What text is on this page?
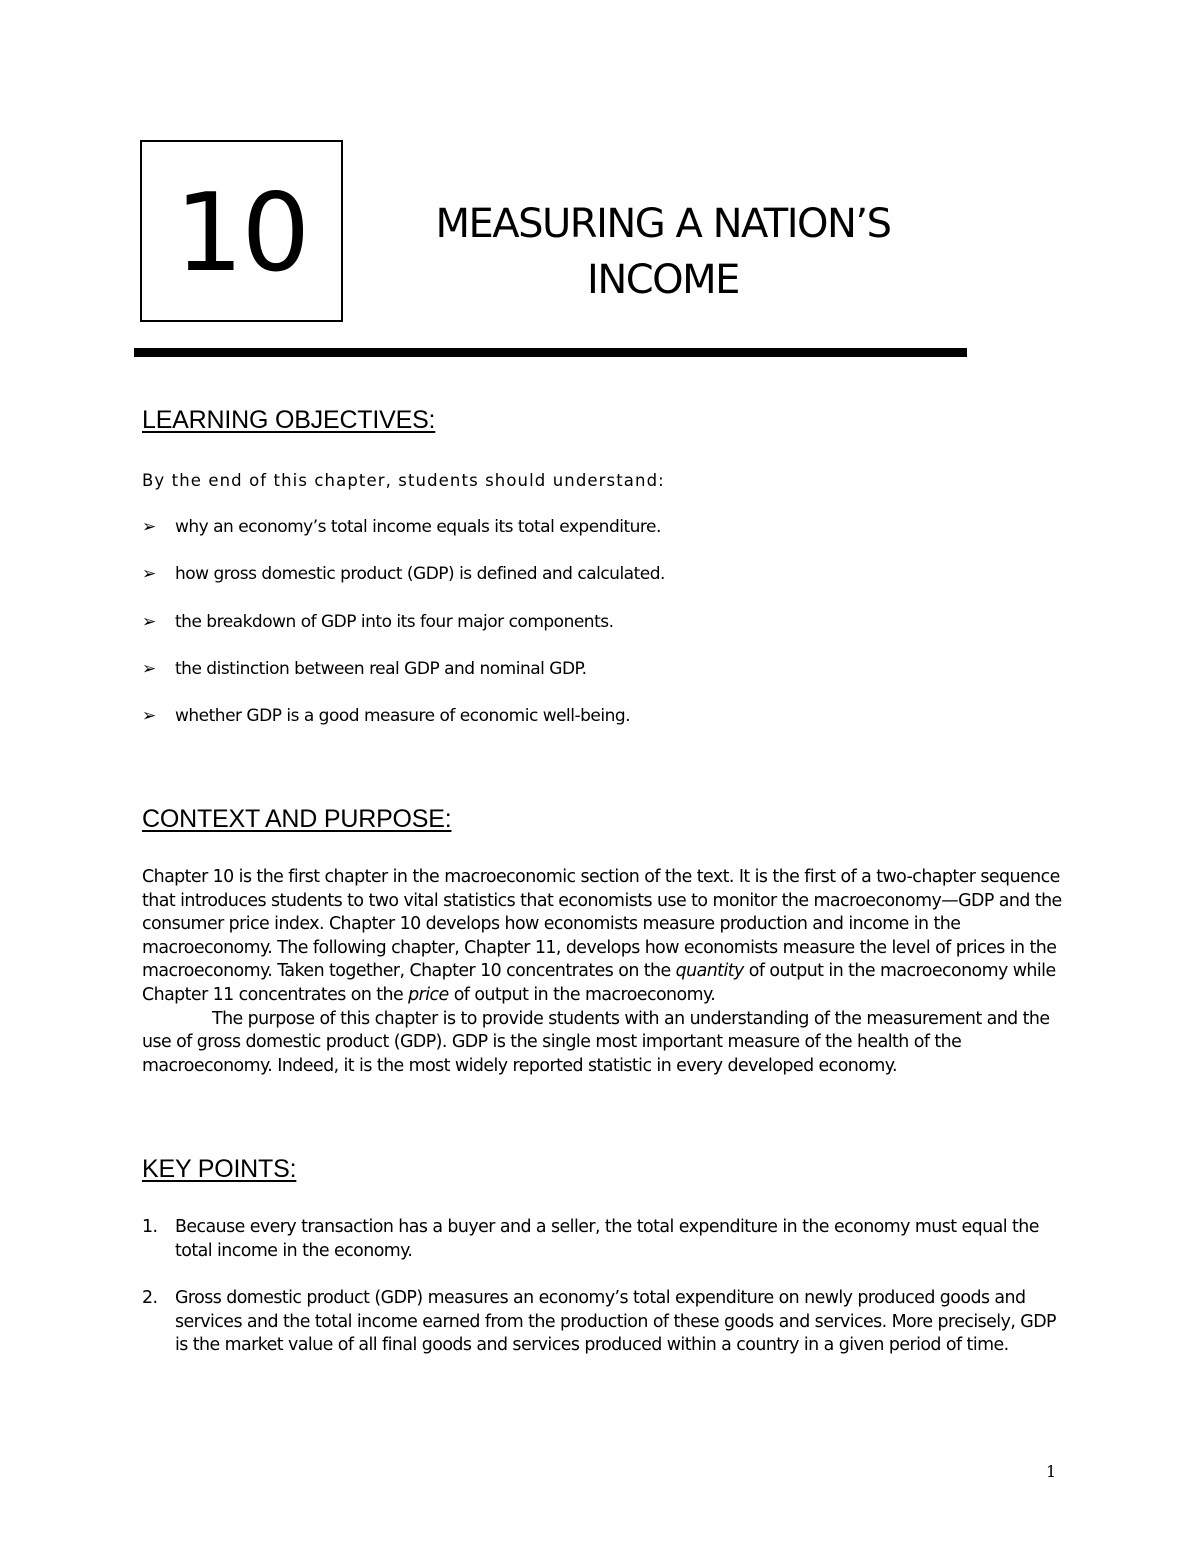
10	MEASURING A NATION’S
INCOME
LEARNING OBJECTIVES:
By the end of this chapter, students should understand:
➢	why an economy’s total income equals its total expenditure.
➢	how gross domestic product (GDP) is defined and calculated.
➢	the breakdown of GDP into its four major components.
➢	the distinction between real GDP and nominal GDP.
➢	whether GDP is a good measure of economic well-being.
CONTEXT AND PURPOSE:

Chapter 10 is the first chapter in the macroeconomic section of the text. It is the first of a two-chapter sequence that introduces students to two vital statistics that economists use to monitor the macroeconomy—GDP and the consumer price index. Chapter 10 develops how economists measure production and income in the macroeconomy. The following chapter, Chapter 11, develops how economists measure the level of prices in the macroeconomy. Taken together, Chapter 10 concentrates on the quantity of output in the macroeconomy while Chapter 11 concentrates on the price of output in the macroeconomy.

The purpose of this chapter is to provide students with an understanding of the measurement and the use of gross domestic product (GDP). GDP is the single most important measure of the health of the macroeconomy. Indeed, it is the most widely reported statistic in every developed economy.

KEY POINTS:
1.	Because every transaction has a buyer and a seller, the total expenditure in the economy must equal the total income in the economy.
2.	Gross domestic product (GDP) measures an economy’s total expenditure on newly produced goods and services and the total income earned from the production of these goods and services. More precisely, GDP is the market value of all final goods and services produced within a country in a given period of time.
1
